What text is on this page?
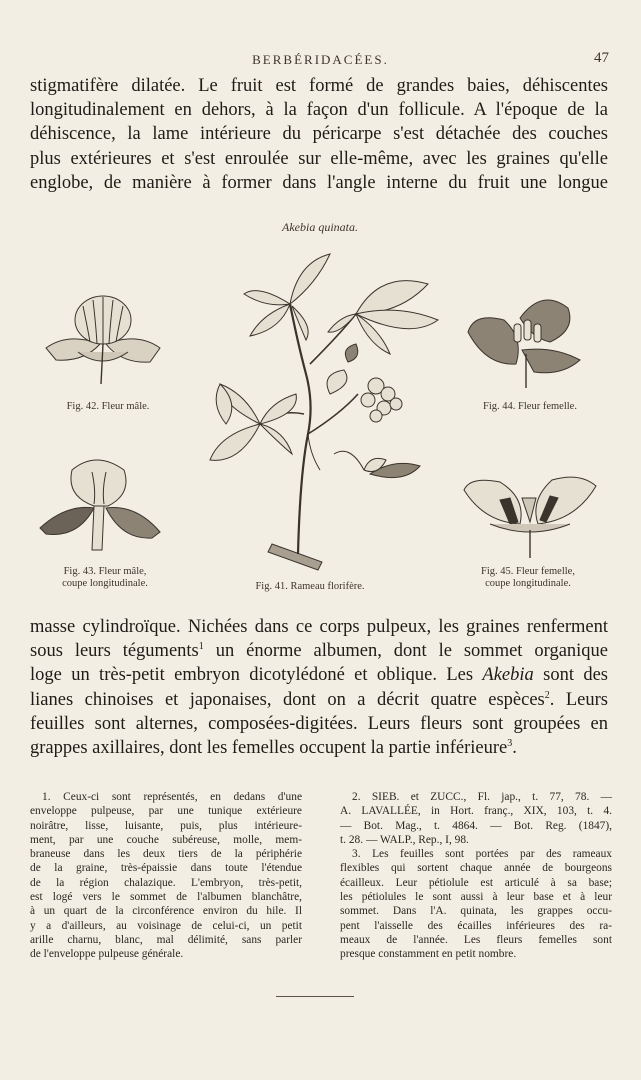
BERBÉRIDACÉES.	47

stigmatifère dilatée. Le fruit est formé de grandes baies, déhiscentes
longitudinalement en dehors, à la façon d'un follicule. A l'époque de la
déhiscence, la lame intérieure du péricarpe s'est détachée des couches
plus extérieures et s'est enroulée sur elle-même, avec les graines qu'elle
englobe, de manière à former dans l'angle interne du fruit une longue

Akebia quinata.
Fig. 42. Fleur mâle.	Fig. 44. Fleur femelle.
Fig. 43. Fleur mâle,
coupe longitudinale.	Fig. 41. Rameau florifère.
Fig. 45. Fleur femelle,
coupe longitudinale.

masse cylindroïque. Nichées dans ce corps pulpeux, les graines renferment
sous leurs téguments$^1$ un énorme albumen, dont le sommet organique
loge un très-petit embryon dicotylédoné et oblique. Les Akebia sont des
lianes chinoises et japonaises, dont on a décrit quatre espèces$^2$. Leurs
feuilles sont alternes, composées-digitées. Leurs fleurs sont groupées en
grappes axillaires, dont les femelles occupent la partie inférieure$^3$.

1. Ceux-ci sont représentés, en dedans d'une
enveloppe pulpeuse, par une tunique extérieure
noirâtre, lisse, luisante, puis, plus intérieure-
ment, par une couche subéreuse, molle, mem-
braneuse dans les deux tiers de la périphérie
de la graine, très-épaissie dans toute l'étendue
de la région chalazique. L'embryon, très-petit,
est logé vers le sommet de l'albumen blanchâtre,
à un quart de la circonférence environ du hile. Il
y a d'ailleurs, au voisinage de celui-ci, un petit
arille charnu, blanc, mal délimité, sans parler
de l'enveloppe pulpeuse générale.

2. SIEB. et ZUCC., Fl. jap., t. 77, 78. —
A. LAVALLÉE, in Hort. franç., XIX, 103, t. 4.
— Bot. Mag., t. 4864. — Bot. Reg. (1847),
t. 28. — WALP., Rep., I, 98.
3. Les feuilles sont portées par des rameaux
flexibles qui sortent chaque année de bourgeons
écailleux. Leur pétiolule est articulé à sa base;
les pétiolules le sont aussi à leur base et à leur
sommet. Dans l'A. quinata, les grappes occu-
pent l'aisselle des écailles inférieures des ra-
meaux de l'année. Les fleurs femelles sont
presque constamment en petit nombre.
